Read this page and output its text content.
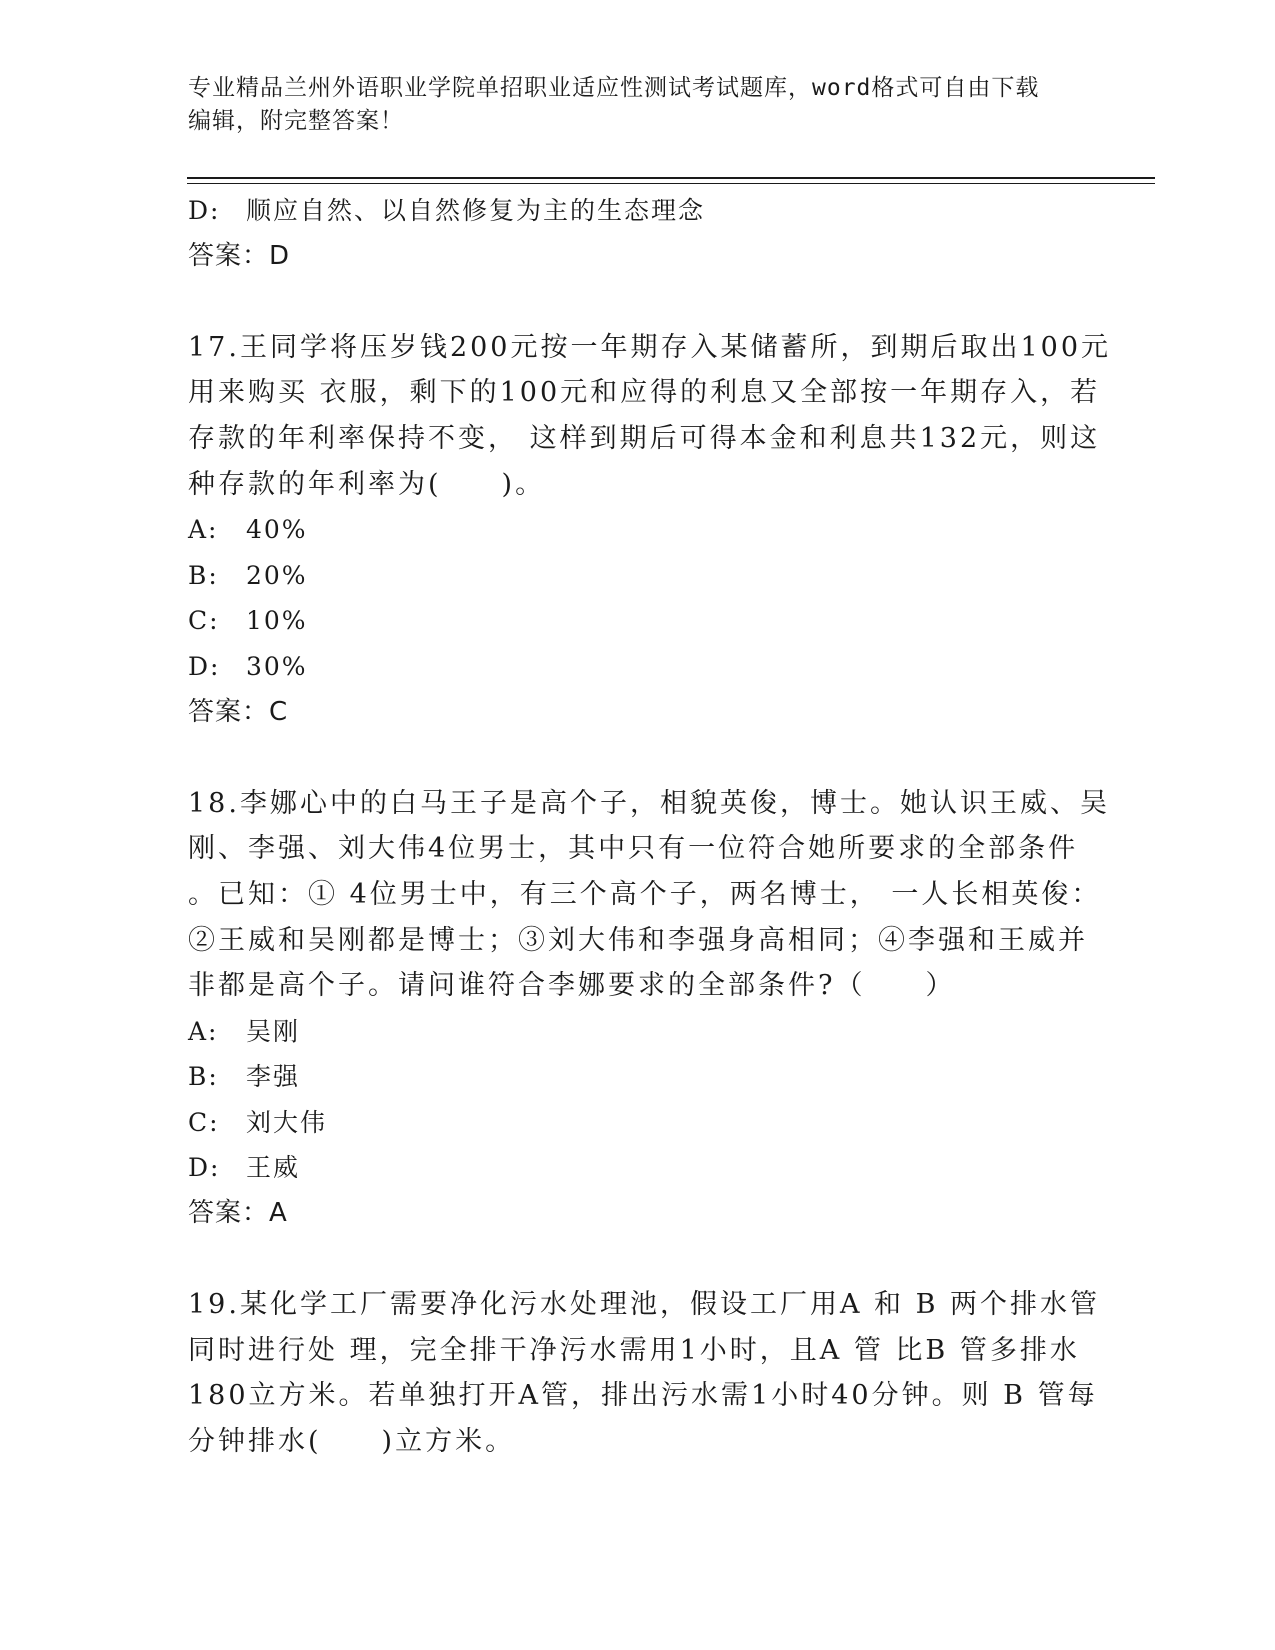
专业精品兰州外语职业学院单招职业适应性测试考试题库，word格式可自由下载
编辑，附完整答案！
D: 顺应自然、以自然修复为主的生态理念
答案：D
17.王同学将压岁钱200元按一年期存入某储蓄所，到期后取出100元
用来购买 衣服，剩下的100元和应得的利息又全部按一年期存入，若
存款的年利率保持不变， 这样到期后可得本金和利息共132元，则这
种存款的年利率为(　　)。
A: 40%
B: 20%
C: 10%
D: 30%
答案：C
18.李娜心中的白马王子是高个子，相貌英俊，博士。她认识王威、吴
刚、李强、刘大伟4位男士，其中只有一位符合她所要求的全部条件
。已知：① 4位男士中，有三个高个子，两名博士， 一人长相英俊：
②王威和吴刚都是博士；③刘大伟和李强身高相同；④李强和王威并
非都是高个子。请问谁符合李娜要求的全部条件?（　　）
A: 吴刚
B: 李强
C: 刘大伟
D: 王威
答案：A
19.某化学工厂需要净化污水处理池，假设工厂用A 和 B 两个排水管
同时进行处 理，完全排干净污水需用1小时，且A 管 比B 管多排水
180立方米。若单独打开A管，排出污水需1小时40分钟。则 B 管每
分钟排水(　　)立方米。
